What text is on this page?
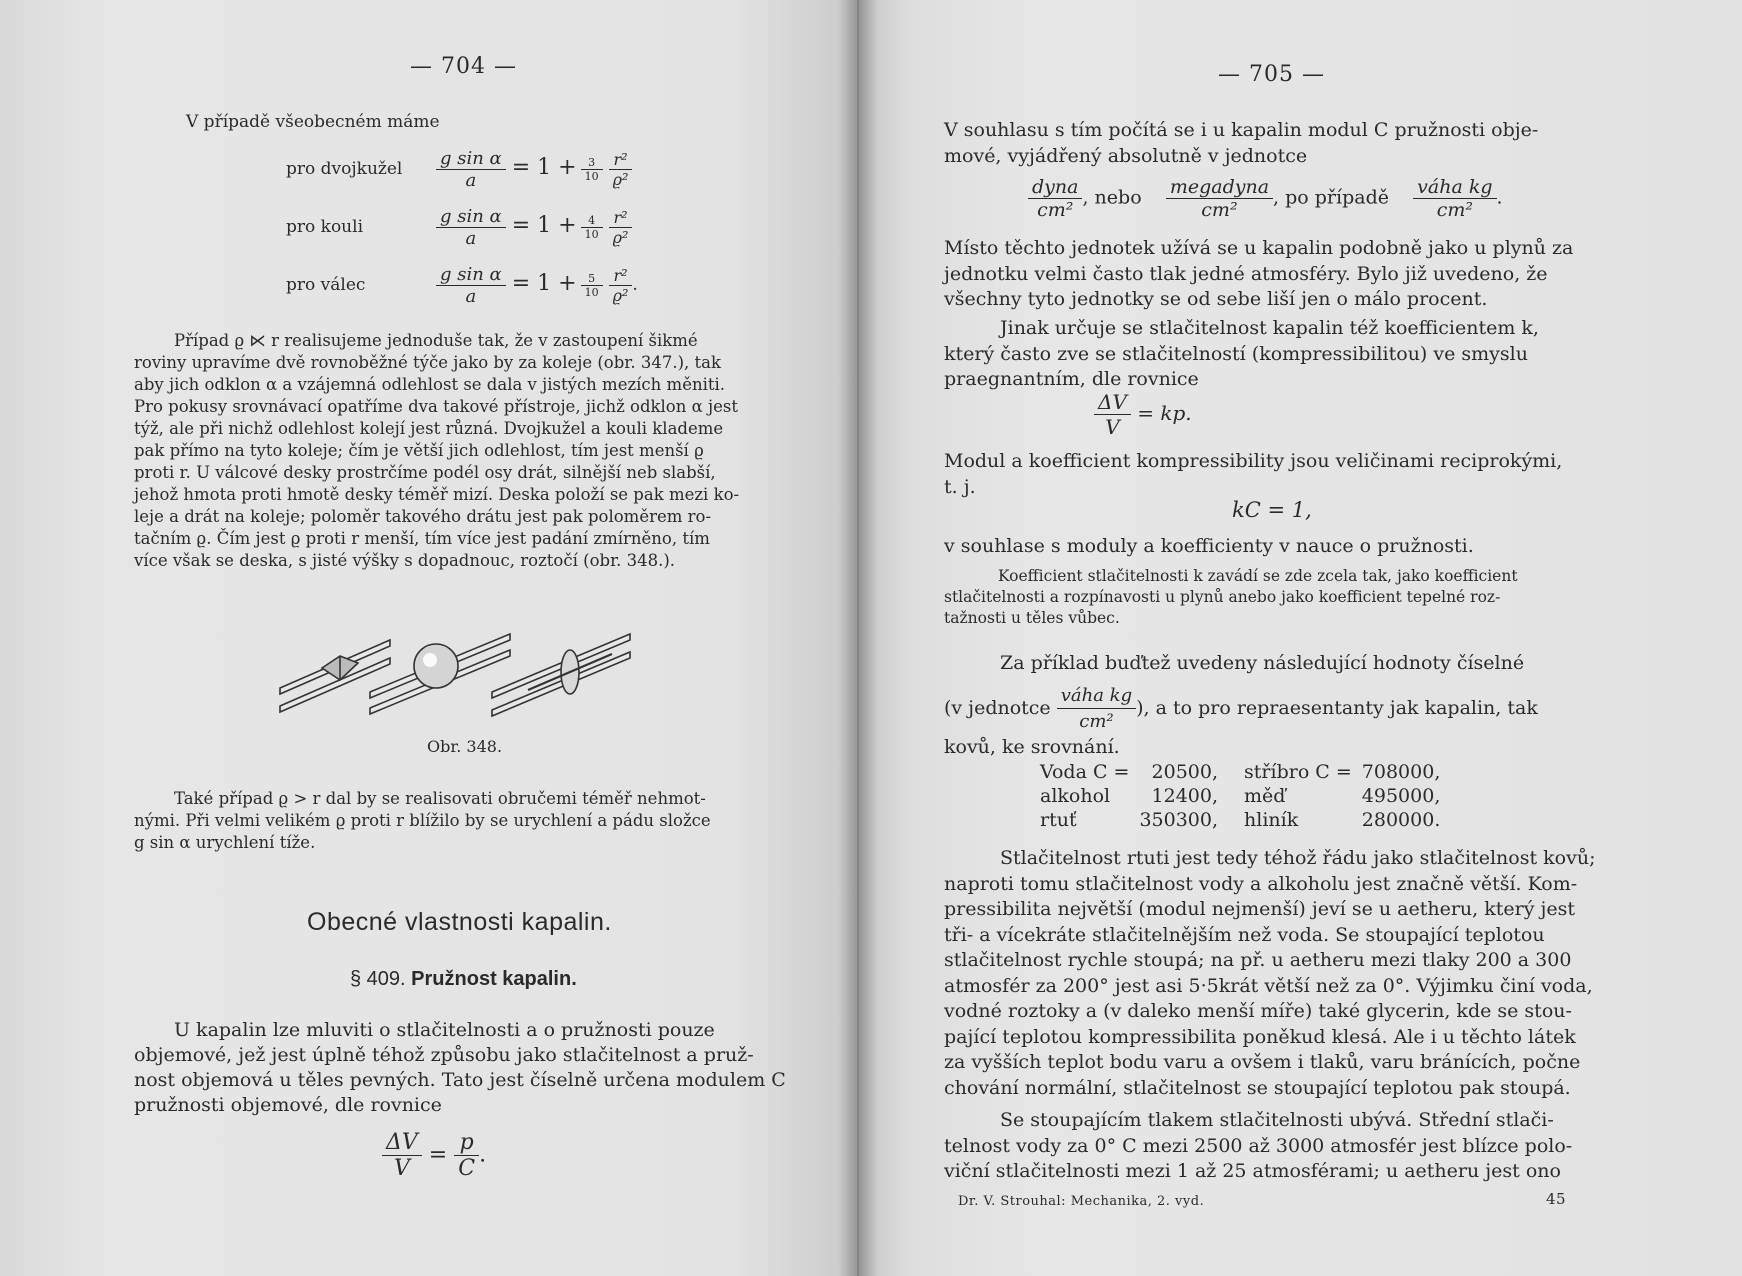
— 704 —
V případě všeobecném máme
pro dvojkužel $\frac{\text{g sin α}}{a} = 1 + \frac{3}{10} \frac{\text{r²}}{\text{ϱ²}}$
pro kouli	$\frac{\text{g sin α}}{a} = 1 + \frac{4}{10} \frac{\text{r²}}{\text{ϱ²}}$
pro válec	$\frac{\text{g sin α}}{a} = 1 + \frac{5}{10} \frac{\text{r²}}{\text{ϱ²}}$ .
Případ ϱ ⋉ r realisujeme jednoduše tak, že v zastoupení šikmé
roviny upravíme dvě rovnoběžné týče jako by za koleje (obr. 347.), tak
aby jich odklon α a vzájemná odlehlost se dala v jistých mezích měniti.
Pro pokusy srovnávací opatříme dva takové přístroje, jichž odklon α jest
týž, ale při nichž odlehlost kolejí jest různá. Dvojkužel a kouli klademe
pak přímo na tyto koleje; čím je větší jich odlehlost, tím jest menší ϱ
proti r. U válcové desky prostrčíme podél osy drát, silnější neb slabší,
jehož hmota proti hmotě desky téměř mizí. Deska položí se pak mezi ko-
leje a drát na koleje; poloměr takového drátu jest pak poloměrem ro-
tačním ϱ. Čím jest ϱ proti r menší, tím více jest padání zmírněno, tím
více však se deska, s jisté výšky s dopadnouc, roztočí (obr. 348.).
Obr. 348.
Také případ ϱ > r dal by se realisovati obručemi téměř nehmot-
nými. Při velmi velikém ϱ proti r blížilo by se urychlení a pádu složce
g sin α urychlení tíže.
Obecné vlastnosti kapalin.
§ 409. Pružnost kapalin.
U kapalin lze mluviti o stlačitelnosti a o pružnosti pouze
objemové, jež jest úplně téhož způsobu jako stlačitelnost a pruž-
nost objemová u těles pevných. Tato jest číselně určena modulem C
pružnosti objemové, dle rovnice
$\frac{\Delta V}{V} = \frac{p}{C}$ .
— 705 —
V souhlasu s tím počítá se i u kapalin modul C pružnosti obje-
mové, vyjádřený absolutně v jednotce
$\frac{\text{dyna}}{\text{cm²}}$ , nebo $\frac{\text{megadyna}}{\text{cm²}}$ , po případě $\frac{\text{váha kg}}{\text{cm²}}$ .
Místo těchto jednotek užívá se u kapalin podobně jako u plynů za
jednotku velmi často tlak jedné atmosféry. Bylo již uvedeno, že
všechny tyto jednotky se od sebe liší jen o málo procent.
Jinak určuje se stlačitelnost kapalin též koefficientem k,
který často zve se stlačitelností (kompressibilitou) ve smyslu
praegnantním, dle rovnice
$\frac{\Delta V}{V}$ = kp.
Modul a koefficient kompressibility jsou veličinami reciprokými,
t. j.
kC = 1,
v souhlase s moduly a koefficienty v nauce o pružnosti.
Koefficient stlačitelnosti k zavádí se zde zcela tak, jako koefficient
stlačitelnosti a rozpínavosti u plynů anebo jako koefficient tepelné roz-
tažnosti u těles vůbec.
Za příklad buďtež uvedeny následující hodnoty číselné
(v jednotce $\frac{\text{váha kg}}{\text{cm²}}$ ), a to pro repraesentanty jak kapalin, tak
kovů, ke srovnání.
Voda C =	20500,	stříbro C =	708000,
alkohol	12400,	měď	495000,
rtuť	350300,	hliník	280000.
Stlačitelnost rtuti jest tedy téhož řádu jako stlačitelnost kovů;
naproti tomu stlačitelnost vody a alkoholu jest značně větší. Kom-
pressibilita největší (modul nejmenší) jeví se u aetheru, který jest
tři- a vícekráte stlačitelnějším než voda. Se stoupající teplotou
stlačitelnost rychle stoupá; na př. u aetheru mezi tlaky 200 a 300
atmosfér za 200° jest asi 5·5krát větší než za 0°. Výjimku činí voda,
vodné roztoky a (v daleko menší míře) také glycerin, kde se stou-
pající teplotou kompressibilita poněkud klesá. Ale i u těchto látek
za vyšších teplot bodu varu a ovšem i tlaků, varu bránících, počne
chování normální, stlačitelnost se stoupající teplotou pak stoupá.
Se stoupajícím tlakem stlačitelnosti ubývá. Střední stlači-
telnost vody za 0° C mezi 2500 až 3000 atmosfér jest blízce polo-
viční stlačitelnosti mezi 1 až 25 atmosférami; u aetheru jest ono
Dr. V. Strouhal: Mechanika, 2. vyd.	45
